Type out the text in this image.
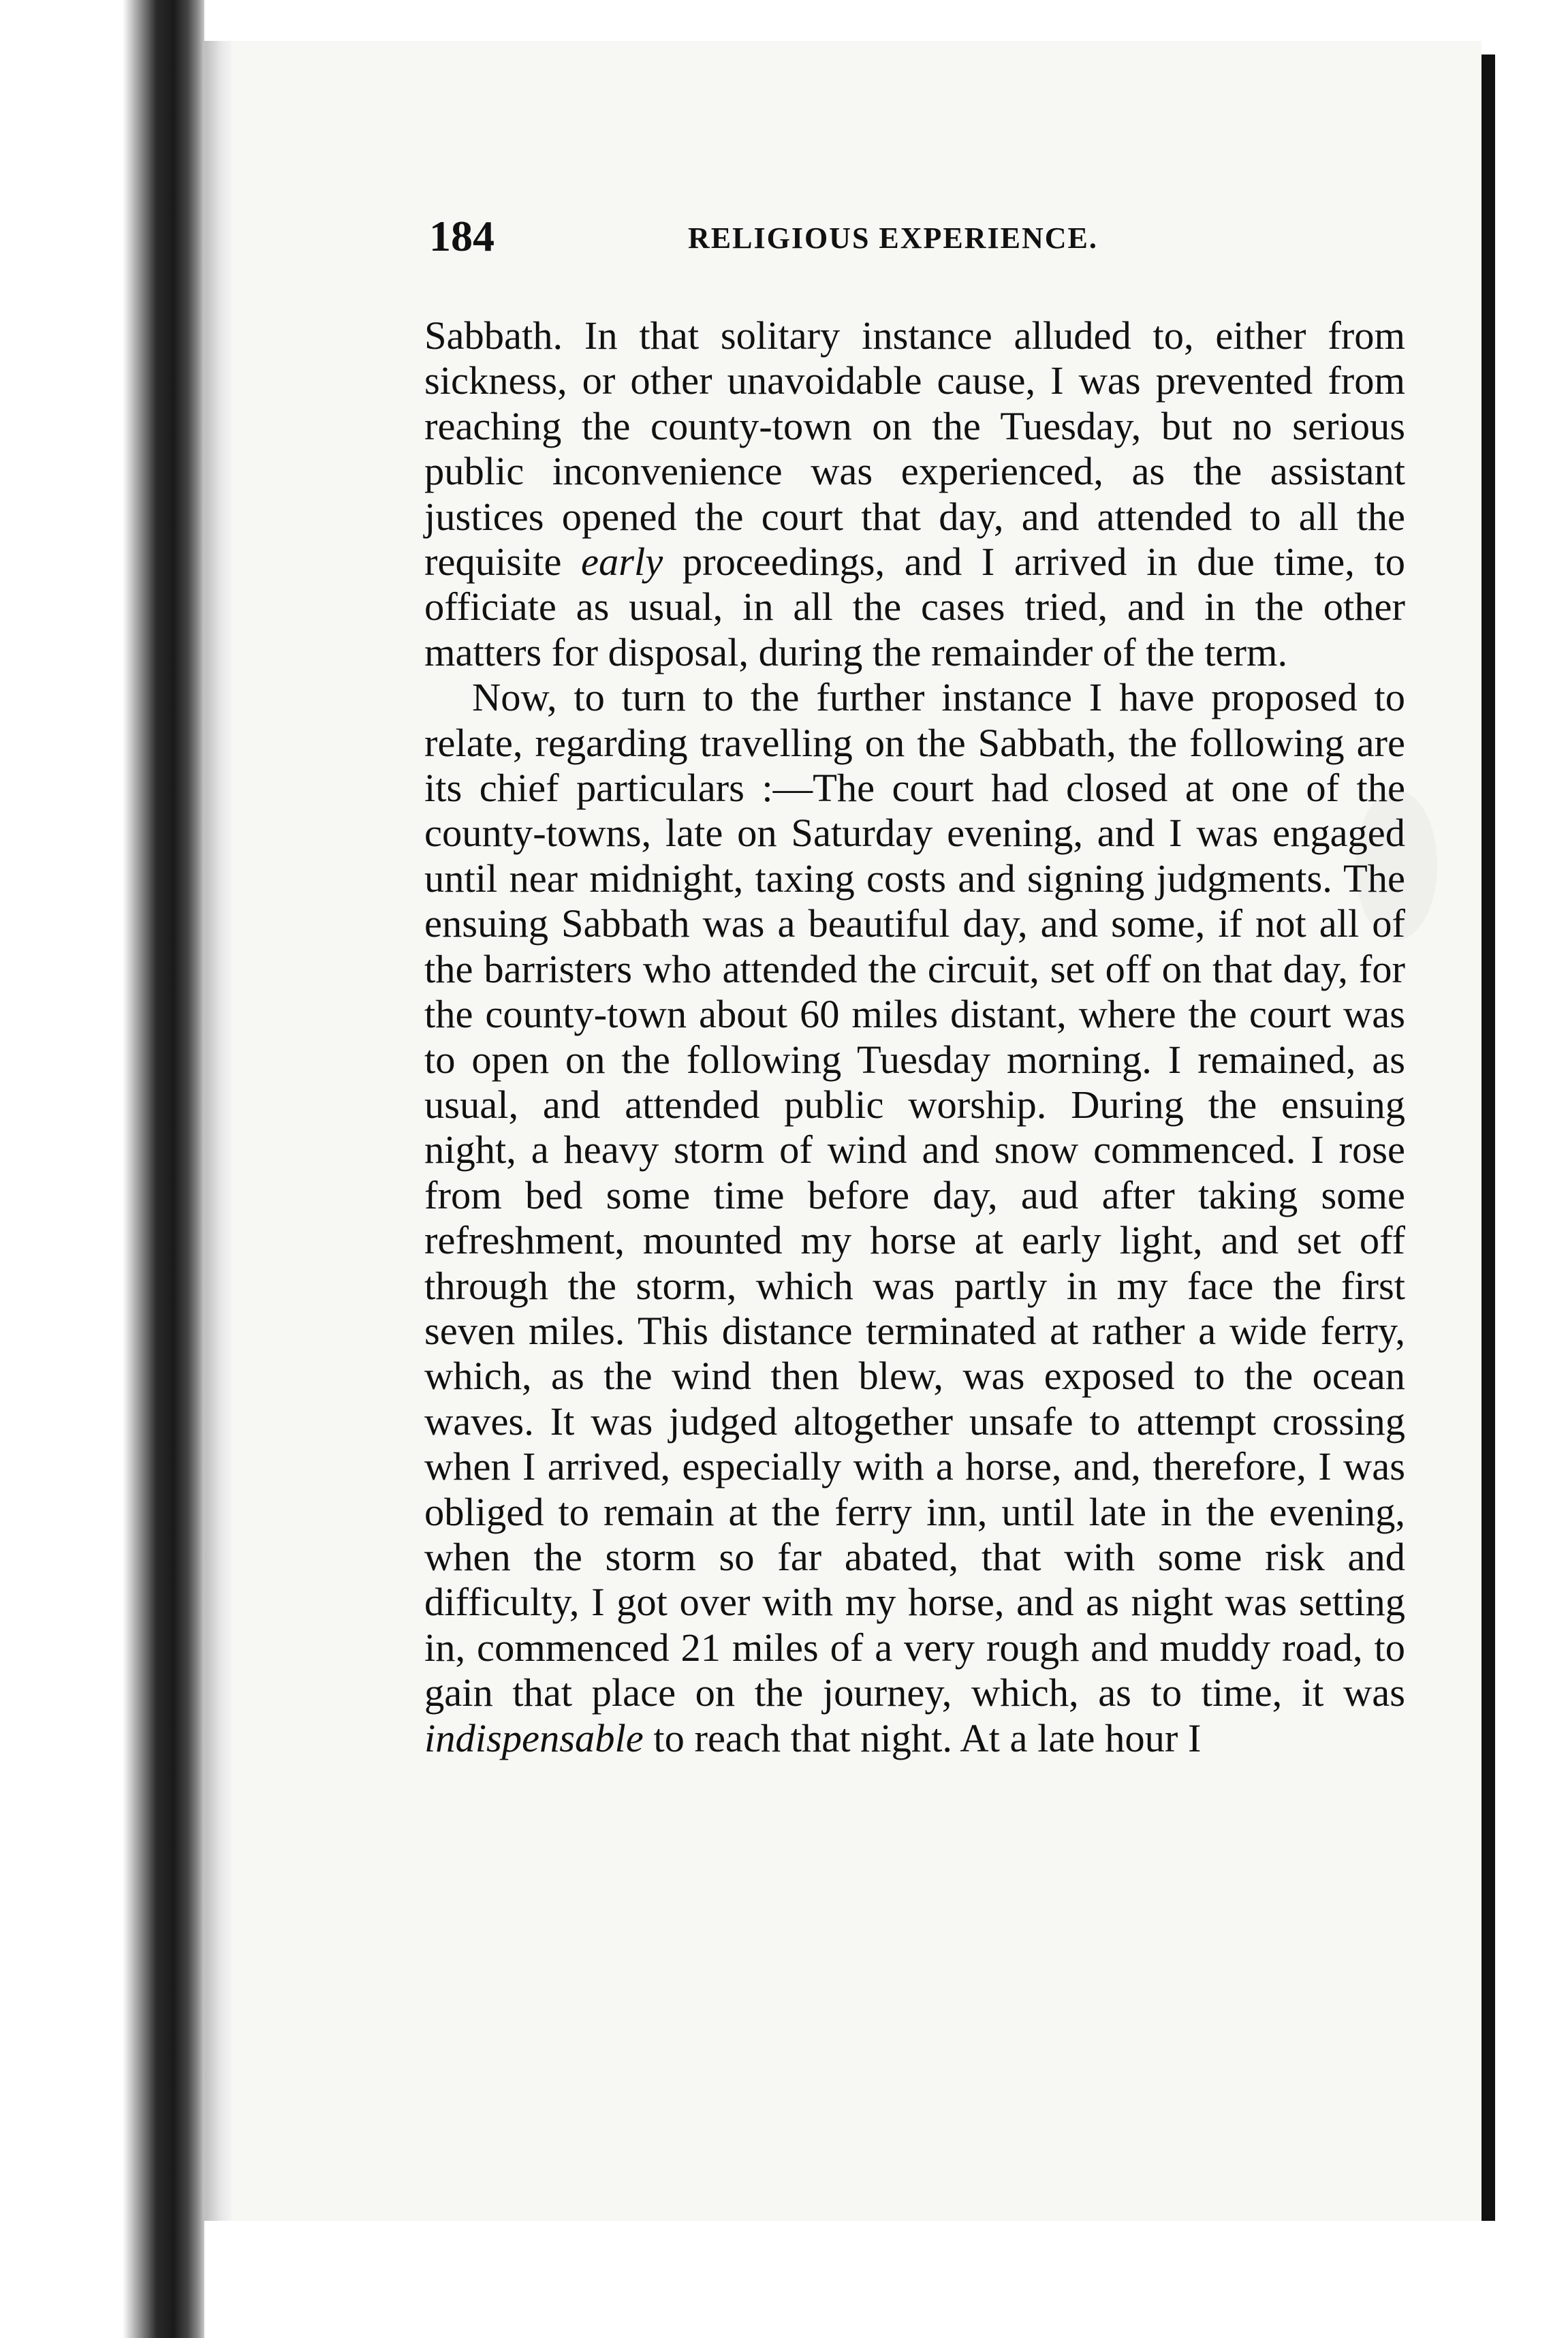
184	RELIGIOUS EXPERIENCE.

Sabbath. In that solitary instance alluded to, either from sickness, or other unavoidable cause, I was prevented from reaching the county-town on the Tuesday, but no serious public inconvenience was experienced, as the assistant justices opened the court that day, and attended to all the requisite early proceedings, and I arrived in due time, to officiate as usual, in all the cases tried, and in the other matters for disposal, during the remainder of the term.

Now, to turn to the further instance I have proposed to relate, regarding travelling on the Sabbath, the following are its chief particulars :—The court had closed at one of the county-towns, late on Saturday evening, and I was engaged until near midnight, taxing costs and signing judgments. The ensuing Sabbath was a beautiful day, and some, if not all of the barristers who attended the circuit, set off on that day, for the county-town about 60 miles distant, where the court was to open on the following Tuesday morning. I remained, as usual, and attended public worship. During the ensuing night, a heavy storm of wind and snow commenced. I rose from bed some time before day, aud after taking some refreshment, mounted my horse at early light, and set off through the storm, which was partly in my face the first seven miles. This distance terminated at rather a wide ferry, which, as the wind then blew, was exposed to the ocean waves. It was judged altogether unsafe to attempt crossing when I arrived, especially with a horse, and, therefore, I was obliged to remain at the ferry inn, until late in the evening, when the storm so far abated, that with some risk and difficulty, I got over with my horse, and as night was setting in, commenced 21 miles of a very rough and muddy road, to gain that place on the journey, which, as to time, it was indispensable to reach that night. At a late hour I
